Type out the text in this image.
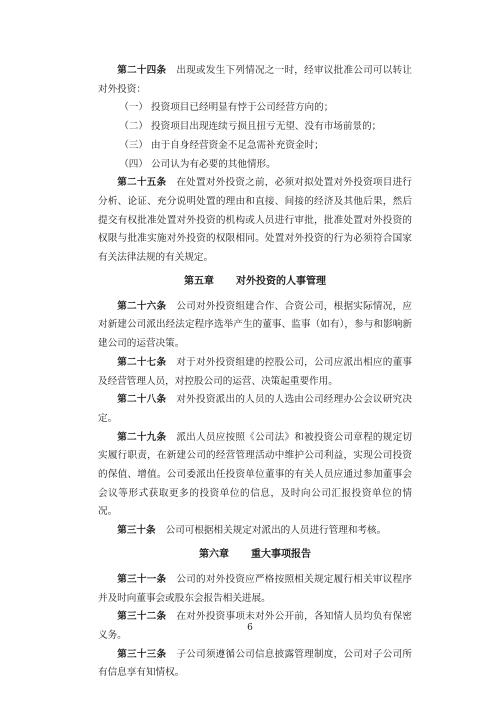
第二十四条 出现或发生下列情况之一时，经审议批准公司可以转让对外投资：

（一） 投资项目已经明显有悖于公司经营方向的；

（二） 投资项目出现连续亏损且扭亏无望、没有市场前景的；

（三） 由于自身经营资金不足急需补充资金时；

（四） 公司认为有必要的其他情形。

第二十五条 在处置对外投资之前，必须对拟处置对外投资项目进行分析、论证、充分说明处置的理由和直接、间接的经济及其他后果，然后提交有权批准处置对外投资的机构或人员进行审批，批准处置对外投资的权限与批准实施对外投资的权限相同。处置对外投资的行为必须符合国家有关法律法规的有关规定。

第五章 对外投资的人事管理

第二十六条 公司对外投资组建合作、合资公司，根据实际情况，应对新建公司派出经法定程序选举产生的董事、监事（如有），参与和影响新建公司的运营决策。

第二十七条 对于对外投资组建的控股公司，公司应派出相应的董事及经营管理人员，对控股公司的运营、决策起重要作用。

第二十八条 对外投资派出的人员的人选由公司经理办公会议研究决定。

第二十九条 派出人员应按照《公司法》和被投资公司章程的规定切实履行职责，在新建公司的经营管理活动中维护公司利益，实现公司投资的保值、增值。公司委派出任投资单位董事的有关人员应通过参加董事会会议等形式获取更多的投资单位的信息，及时向公司汇报投资单位的情况。

第三十条 公司可根据相关规定对派出的人员进行管理和考核。

第六章 重大事项报告

第三十一条 公司的对外投资应严格按照相关规定履行相关审议程序并及时向董事会或股东会报告相关进展。

第三十二条 在对外投资事项未对外公开前，各知情人员均负有保密义务。

第三十三条 子公司须遵循公司信息披露管理制度，公司对子公司所有信息享有知情权。

6
